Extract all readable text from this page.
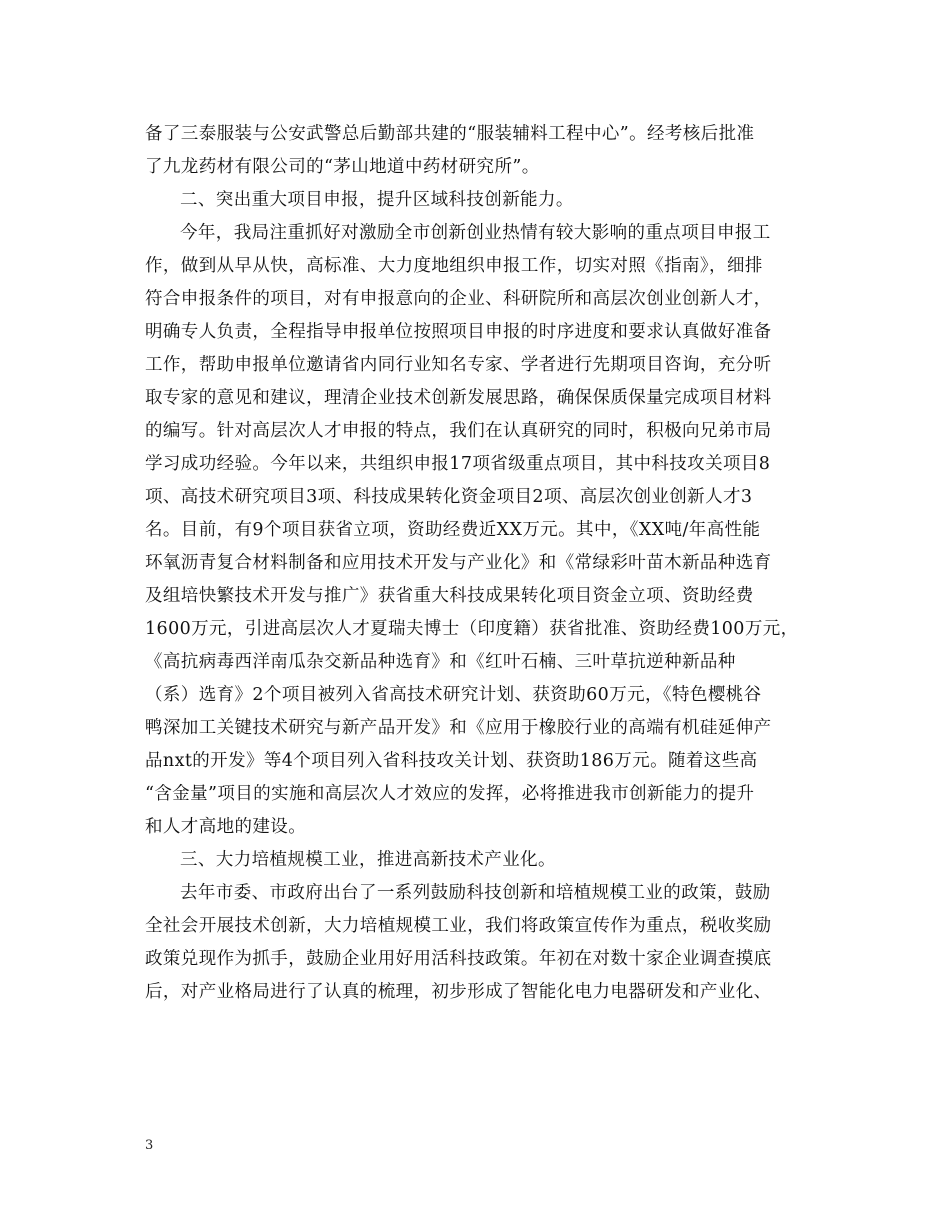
备了三泰服装与公安武警总后勤部共建的“服装辅料工程中心”。经考核后批准
了九龙药材有限公司的“茅山地道中药材研究所”。
二、突出重大项目申报，提升区域科技创新能力。
今年，我局注重抓好对激励全市创新创业热情有较大影响的重点项目申报工
作，做到从早从快，高标准、大力度地组织申报工作，切实对照《指南》，细排
符合申报条件的项目，对有申报意向的企业、科研院所和高层次创业创新人才，
明确专人负责，全程指导申报单位按照项目申报的时序进度和要求认真做好准备
工作，帮助申报单位邀请省内同行业知名专家、学者进行先期项目咨询，充分听
取专家的意见和建议，理清企业技术创新发展思路，确保保质保量完成项目材料
的编写。针对高层次人才申报的特点，我们在认真研究的同时，积极向兄弟市局
学习成功经验。今年以来，共组织申报17项省级重点项目，其中科技攻关项目8
项、高技术研究项目3项、科技成果转化资金项目2项、高层次创业创新人才3
名。目前，有9个项目获省立项，资助经费近XX万元。其中，《XX吨/年高性能
环氧沥青复合材料制备和应用技术开发与产业化》和《常绿彩叶苗木新品种选育
及组培快繁技术开发与推广》获省重大科技成果转化项目资金立项、资助经费
1600万元，引进高层次人才夏瑞夫博士（印度籍）获省批准、资助经费100万元，
《高抗病毒西洋南瓜杂交新品种选育》和《红叶石楠、三叶草抗逆种新品种
（系）选育》2个项目被列入省高技术研究计划、获资助60万元，《特色樱桃谷
鸭深加工关键技术研究与新产品开发》和《应用于橡胶行业的高端有机硅延伸产
品nxt的开发》等4个项目列入省科技攻关计划、获资助186万元。随着这些高
“含金量”项目的实施和高层次人才效应的发挥，必将推进我市创新能力的提升
和人才高地的建设。
三、大力培植规模工业，推进高新技术产业化。
去年市委、市政府出台了一系列鼓励科技创新和培植规模工业的政策，鼓励
全社会开展技术创新，大力培植规模工业，我们将政策宣传作为重点，税收奖励
政策兑现作为抓手，鼓励企业用好用活科技政策。年初在对数十家企业调查摸底
后，对产业格局进行了认真的梳理，初步形成了智能化电力电器研发和产业化、
3
